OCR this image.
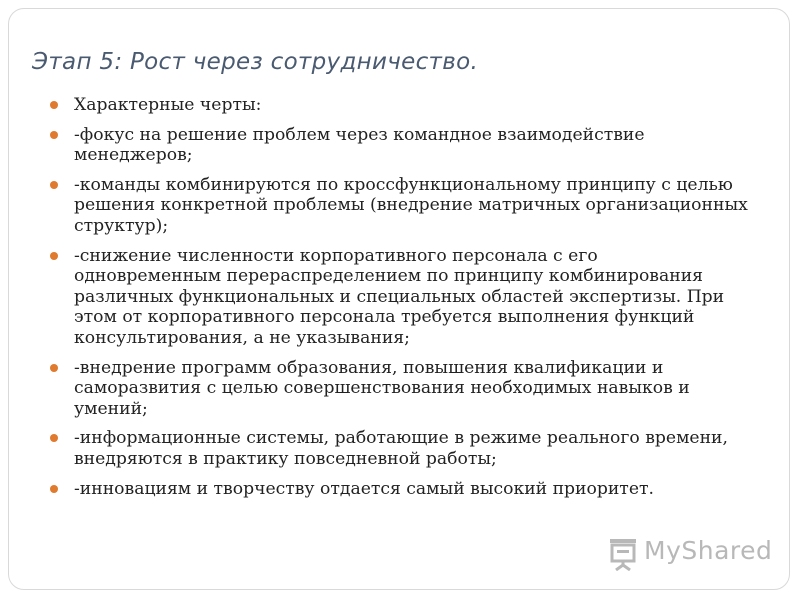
Этап 5: Рост через сотрудничество.
Характерные черты:
-фокус на решение проблем через командное взаимодействие менеджеров;
-команды комбинируются по кроссфункциональному принципу с целью решения конкретной проблемы (внедрение матричных организационных структур);
-снижение численности корпоративного персонала с его одновременным перераспределением по принципу комбинирования различных функциональных и специальных областей экспертизы. При этом от корпоративного персонала требуется выполнения функций консультирования, а не указывания;
-внедрение программ образования, повышения квалификации и саморазвития с целью совершенствования необходимых навыков и умений;
-информационные системы, работающие в режиме реального времени, внедряются в практику повседневной работы;
-инновациям и творчеству отдается самый высокий приоритет.
MyShared
